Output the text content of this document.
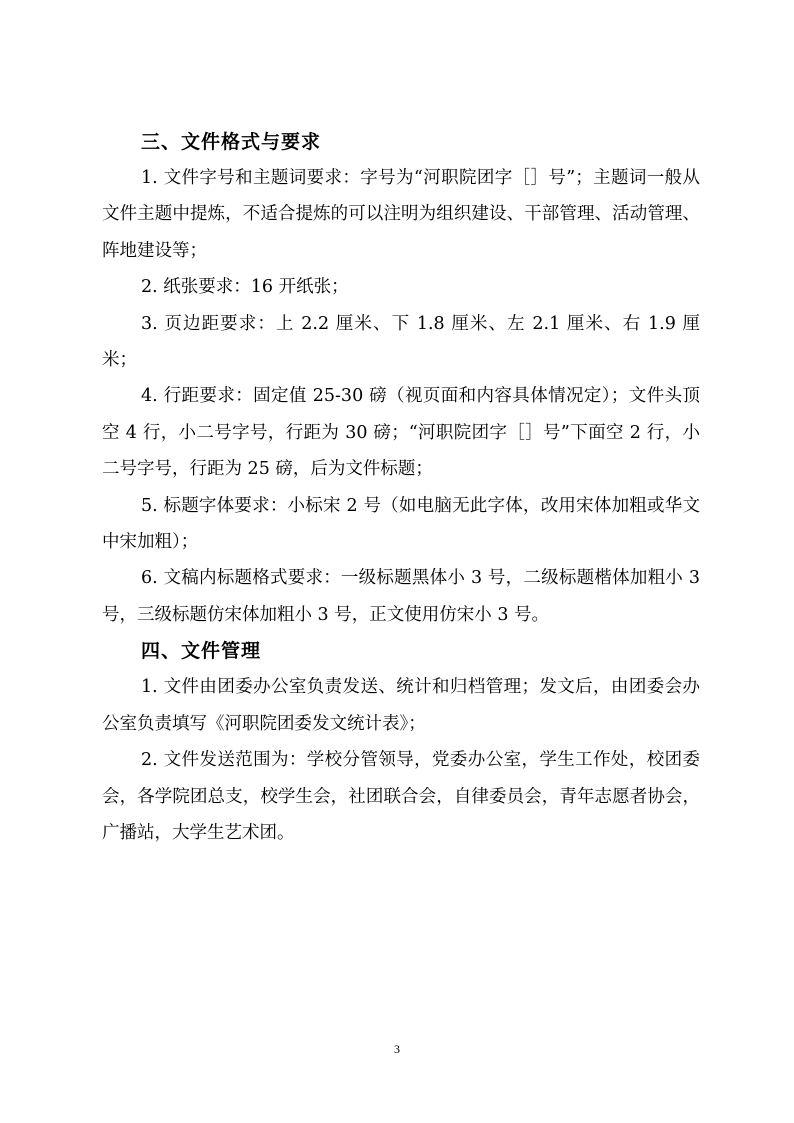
三、文件格式与要求

1. 文件字号和主题词要求：字号为“河职院团字［］号”；主题词一般从文件主题中提炼，不适合提炼的可以注明为组织建设、干部管理、活动管理、阵地建设等；

2. 纸张要求：16 开纸张；

3. 页边距要求：上 2.2 厘米、下 1.8 厘米、左 2.1 厘米、右 1.9 厘米；

4. 行距要求：固定值 25-30 磅（视页面和内容具体情况定）；文件头顶空 4 行，小二号字号，行距为 30 磅；“河职院团字［］号”下面空 2 行，小二号字号，行距为 25 磅，后为文件标题；

5. 标题字体要求：小标宋 2 号（如电脑无此字体，改用宋体加粗或华文中宋加粗）；

6. 文稿内标题格式要求：一级标题黑体小 3 号，二级标题楷体加粗小 3 号，三级标题仿宋体加粗小 3 号，正文使用仿宋小 3 号。

四、文件管理

1. 文件由团委办公室负责发送、统计和归档管理；发文后，由团委会办公室负责填写《河职院团委发文统计表》；

2. 文件发送范围为：学校分管领导，党委办公室，学生工作处，校团委会，各学院团总支，校学生会，社团联合会，自律委员会，青年志愿者协会，广播站，大学生艺术团。

3
